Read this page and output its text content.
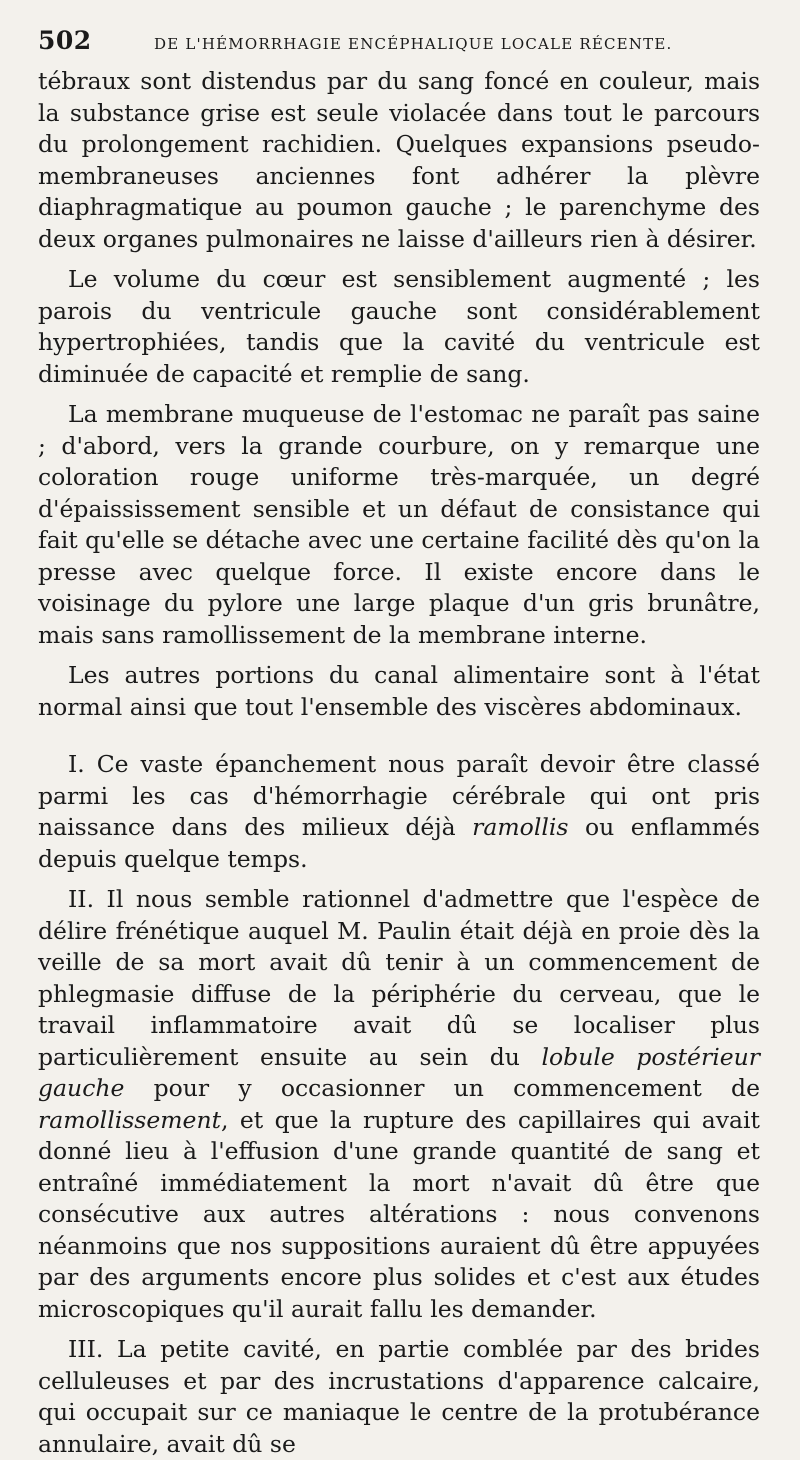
502	DE L'HÉMORRHAGIE ENCÉPHALIQUE LOCALE RÉCENTE.

tébraux sont distendus par du sang foncé en couleur, mais la substance grise est seule violacée dans tout le parcours du prolongement rachidien. Quelques expansions pseudo-membraneuses anciennes font adhérer la plèvre diaphragmatique au poumon gauche ; le parenchyme des deux organes pulmonaires ne laisse d'ailleurs rien à désirer.

Le volume du cœur est sensiblement augmenté ; les parois du ventricule gauche sont considérablement hypertrophiées, tandis que la cavité du ventricule est diminuée de capacité et remplie de sang.

La membrane muqueuse de l'estomac ne paraît pas saine ; d'abord, vers la grande courbure, on y remarque une coloration rouge uniforme très-marquée, un degré d'épaississement sensible et un défaut de consistance qui fait qu'elle se détache avec une certaine facilité dès qu'on la presse avec quelque force. Il existe encore dans le voisinage du pylore une large plaque d'un gris brunâtre, mais sans ramollissement de la membrane interne.

Les autres portions du canal alimentaire sont à l'état normal ainsi que tout l'ensemble des viscères abdominaux.

I. Ce vaste épanchement nous paraît devoir être classé parmi les cas d'hémorrhagie cérébrale qui ont pris naissance dans des milieux déjà ramollis ou enflammés depuis quelque temps.

II. Il nous semble rationnel d'admettre que l'espèce de délire frénétique auquel M. Paulin était déjà en proie dès la veille de sa mort avait dû tenir à un commencement de phlegmasie diffuse de la périphérie du cerveau, que le travail inflammatoire avait dû se localiser plus particulièrement ensuite au sein du lobule postérieur gauche pour y occasionner un commencement de ramollissement, et que la rupture des capillaires qui avait donné lieu à l'effusion d'une grande quantité de sang et entraîné immédiatement la mort n'avait dû être que consécutive aux autres altérations : nous convenons néanmoins que nos suppositions auraient dû être appuyées par des arguments encore plus solides et c'est aux études microscopiques qu'il aurait fallu les demander.

III. La petite cavité, en partie comblée par des brides celluleuses et par des incrustations d'apparence calcaire, qui occupait sur ce maniaque le centre de la protubérance annulaire, avait dû se
